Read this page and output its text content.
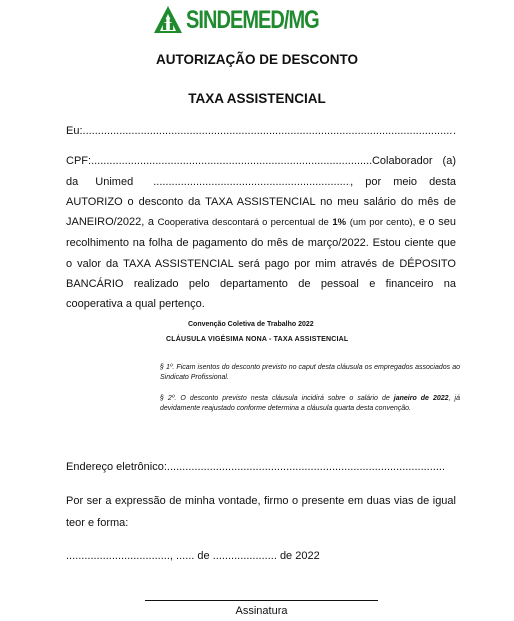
SINDEMED/MG
AUTORIZAÇÃO DE DESCONTO
TAXA ASSISTENCIAL
Eu: .....	.
CPF: .....	Colaborador (a)
da Unimed .....	, por meio desta
AUTORIZO o desconto da TAXA ASSISTENCIAL no meu salário do mês de
JANEIRO/2022, a Cooperativa descontará o percentual de 1% (um por cento), e o seu
recolhimento na folha de pagamento do mês de março/2022. Estou ciente que
o valor da TAXA ASSISTENCIAL será pago por mim através de DÉPOSITO
BANCÁRIO realizado pelo departamento de pessoal e financeiro na
cooperativa a qual pertenço.
Convenção Coletiva de Trabalho 2022
CLÁUSULA VIGÉSIMA NONA - TAXA ASSISTENCIAL
§ 1º. Ficam isentos do desconto previsto no caput desta cláusula os empregados associados ao Sindicato Profissional.
§ 2º. O desconto previsto nesta cláusula incidirá sobre o salário de janeiro de 2022, já devidamente reajustado conforme determina a cláusula quarta desta convenção.
Endereço eletrônico:
.....
Por ser a expressão de minha vontade, firmo o presente em duas vias de igual
teor e forma:
.................................., ...... de ..................... de 2022
Assinatura
